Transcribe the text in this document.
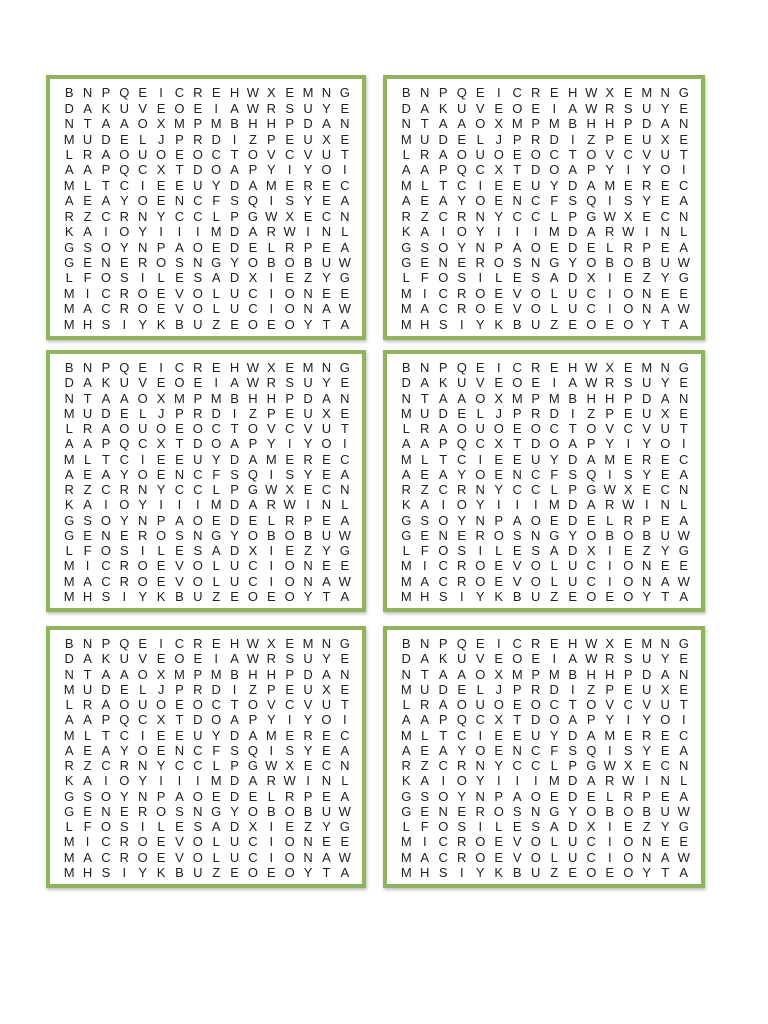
B N P Q E I C R E H W X E M N G
D A K U V E O E I A W R S U Y E
N T A A O X M P M B H H P D A N
M U D E L J P R D I Z P E U X E
L R A O U O E O C T O V C V U T
A A P Q C X T D O A P Y I Y O I
M L T C I E E U Y D A M E R E C
A E A Y O E N C F S Q I S Y E A
R Z C R N Y C C L P G W X E C N
K A I O Y I	I	I M D A R W I N L
G S O Y N P A O E D E L R P E A
G E N E R O S N G Y O B O B U W
L F O S I L E S A D X I E Z Y G
M I C R O E V O L U C I O N E E
M A C R O E V O L U C I O N A W
M H S I Y K B U Z E O E O Y T A
B N P Q E I C R E H W X E M N G
D A K U V E O E I A W R S U Y E
N T A A O X M P M B H H P D A N
M U D E L J P R D I Z P E U X E
L R A O U O E O C T O V C V U T
A A P Q C X T D O A P Y I Y O I
M L T C I E E U Y D A M E R E C
A E A Y O E N C F S Q I S Y E A
R Z C R N Y C C L P G W X E C N
K A I O Y I	I	I M D A R W I N L
G S O Y N P A O E D E L R P E A
G E N E R O S N G Y O B O B U W
L F O S I	L E S A D X I E Z Y G
M I C R O E V O L U C I O N E E
M A C R O E V O L U C I O N A W
M H S I Y K B U Z E O E O Y T A
B N P Q E I C R E H W X E M N G
D A K U V E O E I A W R S U Y E
N T A A O X M P M B H H P D A N
M U D E L J P R D I Z P E U X E
L R A O U O E O C T O V C V U T
A A P Q C X T D O A P Y I Y O I
M L T C I E E U Y D A M E R E C
A E A Y O E N C F S Q I S Y E A
R Z C R N Y C C L P G W X E C N
K A I O Y I	I	I M D A R W I N L
G S O Y N P A O E D E L R P E A
G E N E R O S N G Y O B O B U W
L F O S I L E S A D X I E Z Y G
M I C R O E V O L U C I O N E E
M A C R O E V O L U C I O N A W
M H S I Y K B U Z E O E O Y T A
B N P Q E I C R E H W X E M N G
D A K U V E O E I A W R S U Y E
N T A A O X M P M B H H P D A N
M U D E L J P R D I Z P E U X E
L R A O U O E O C T O V C V U T
A A P Q C X T D O A P Y I Y O I
M L T C I E E U Y D A M E R E C
A E A Y O E N C F S Q I S Y E A
R Z C R N Y C C L P G W X E C N
K A I O Y I	I	I M D A R W I N L
G S O Y N P A O E D E L R P E A
G E N E R O S N G Y O B O B U W
L F O S I	L E S A D X I E Z Y G
M I C R O E V O L U C I O N E E
M A C R O E V O L U C I O N A W
M H S I Y K B U Z E O E O Y T A
B N P Q E I C R E H W X E M N G
D A K U V E O E I A W R S U Y E
N T A A O X M P M B H H P D A N
M U D E L J P R D I Z P E U X E
L R A O U O E O C T O V C V U T
A A P Q C X T D O A P Y I Y O I
M L T C I E E U Y D A M E R E C
A E A Y O E N C F S Q I S Y E A
R Z C R N Y C C L P G W X E C N
K A I O Y I	I	I M D A R W I N L
G S O Y N P A O E D E L R P E A
G E N E R O S N G Y O B O B U W
L F O S I L E S A D X I E Z Y G
M I C R O E V O L U C I O N E E
M A C R O E V O L U C I O N A W
M H S I Y K B U Z E O E O Y T A
B N P Q E I C R E H W X E M N G
D A K U V E O E I A W R S U Y E
N T A A O X M P M B H H P D A N
M U D E L J P R D I Z P E U X E
L R A O U O E O C T O V C V U T
A A P Q C X T D O A P Y I Y O I
M L T C I E E U Y D A M E R E C
A E A Y O E N C F S Q I S Y E A
R Z C R N Y C C L P G W X E C N
K A I O Y I	I	I M D A R W I N L
G S O Y N P A O E D E L R P E A
G E N E R O S N G Y O B O B U W
L F O S I	L E S A D X I E Z Y G
M I C R O E V O L U C I O N E E
M A C R O E V O L U C I O N A W
M H S I Y K B U Z E O E O Y T A
